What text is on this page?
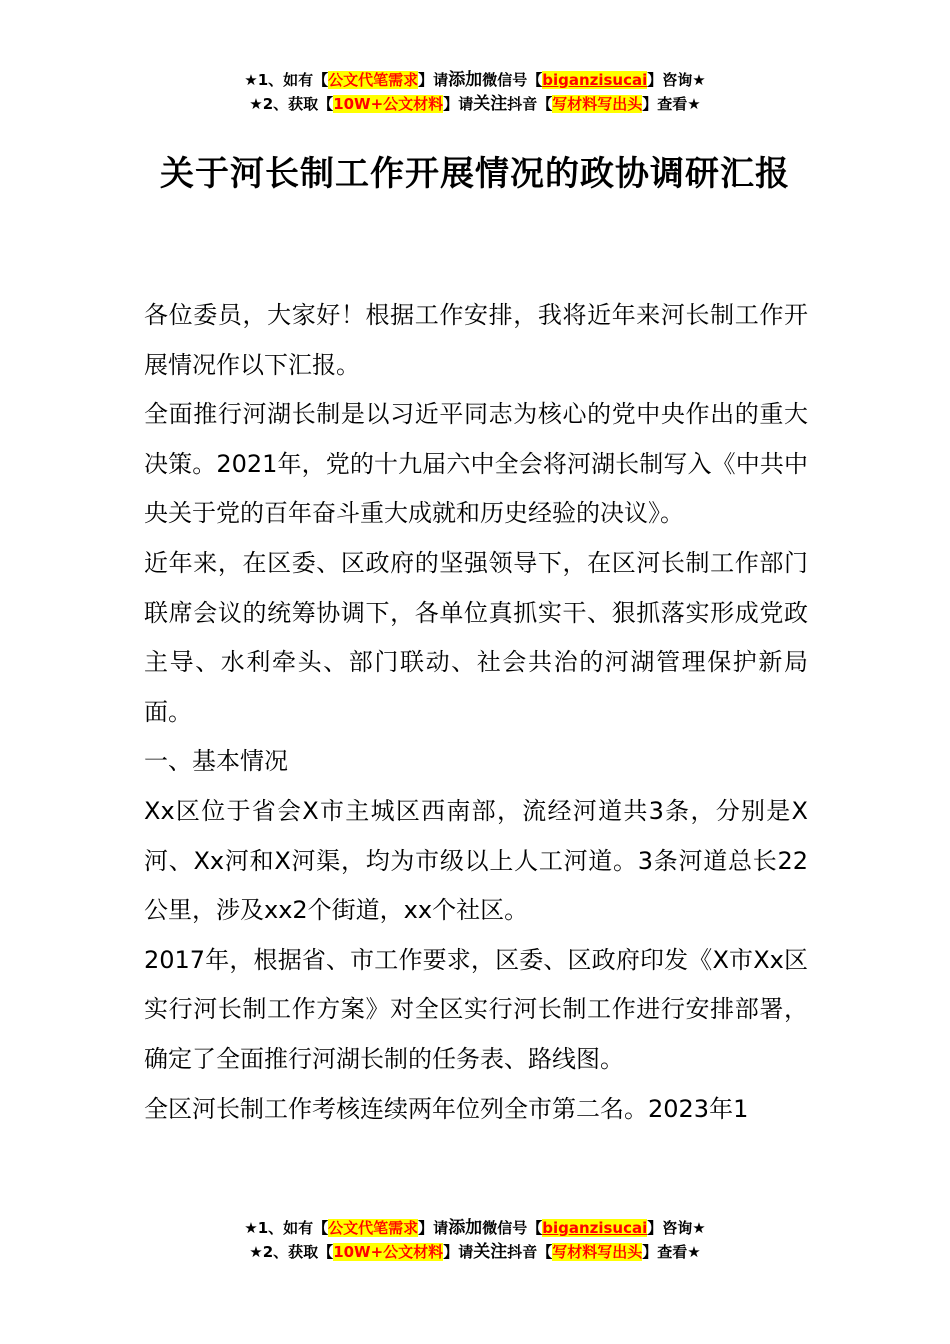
★1、如有【公文代笔需求】请添加微信号【biganzisucai】咨询★
★2、获取【10W+公文材料】请关注抖音【写材料写出头】查看★
关于河长制工作开展情况的政协调研汇报

各位委员，大家好！根据工作安排，我将近年来河长制工作开展情况作以下汇报。

全面推行河湖长制是以习近平同志为核心的党中央作出的重大决策。2021年，党的十九届六中全会将河湖长制写入《中共中央关于党的百年奋斗重大成就和历史经验的决议》。

近年来，在区委、区政府的坚强领导下，在区河长制工作部门联席会议的统筹协调下，各单位真抓实干、狠抓落实形成党政主导、水利牵头、部门联动、社会共治的河湖管理保护新局面。

一、基本情况

Xx区位于省会X市主城区西南部，流经河道共3条，分别是X河、Xx河和X河渠，均为市级以上人工河道。3条河道总长22公里，涉及xx2个街道，xx个社区。

2017年，根据省、市工作要求，区委、区政府印发《X市Xx区实行河长制工作方案》对全区实行河长制工作进行安排部署，确定了全面推行河湖长制的任务表、路线图。

全区河长制工作考核连续两年位列全市第二名。2023年1

★1、如有【公文代笔需求】请添加微信号【biganzisucai】咨询★
★2、获取【10W+公文材料】请关注抖音【写材料写出头】查看★
